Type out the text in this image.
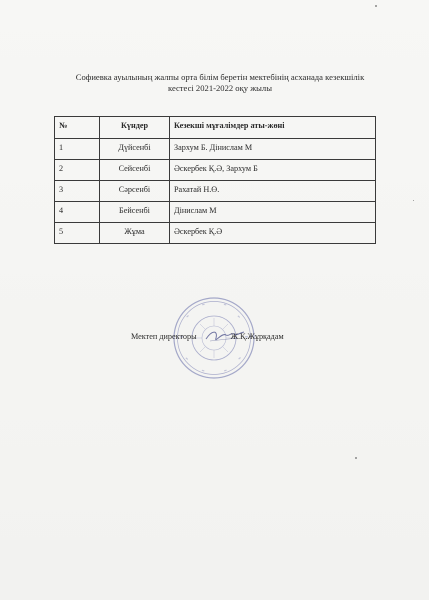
Софиевка ауылының жалпы орта білім беретін мектебінің асханада кезекшілік
кестесі 2021-2022 оқу жылы
№	Күндер	Кезекші мұғалімдер аты-жөні
1	Дүйсенбі	Зархум Б. Дінислам М
2	Сейсенбі	Әскербек Қ.Ә, Зархум Б
3	Сәрсенбі	Рахатай Н.Ө.
4	Бейсенбі	Дінислам М
5	Жұма	Әскербек Қ.Ә
Мектеп директоры	Ж.Қ.Жұрқадам
